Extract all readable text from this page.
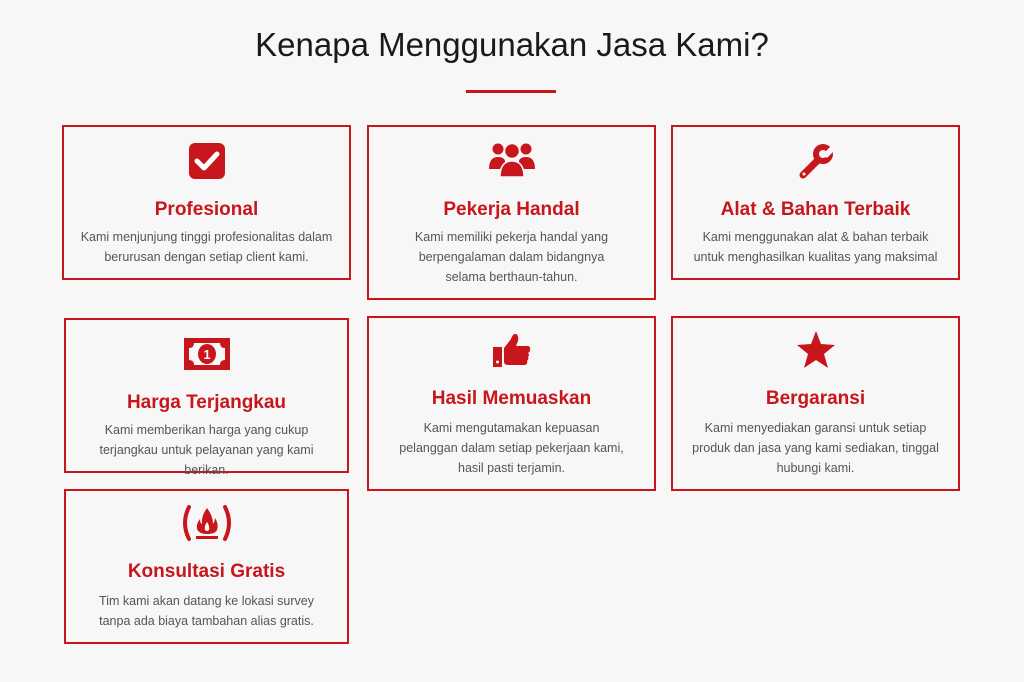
Kenapa Menggunakan Jasa Kami?
Profesional
Kami menjunjung tinggi profesionalitas dalam berurusan dengan setiap client kami.
Pekerja Handal
Kami memiliki pekerja handal yang berpengalaman dalam bidangnya selama berthaun-tahun.
Alat & Bahan Terbaik
Kami menggunakan alat & bahan terbaik untuk menghasilkan kualitas yang maksimal
1
Harga Terjangkau
Kami memberikan harga yang cukup terjangkau untuk pelayanan yang kami berikan.
Hasil Memuaskan
Kami mengutamakan kepuasan pelanggan dalam setiap pekerjaan kami, hasil pasti terjamin.
Bergaransi
Kami menyediakan garansi untuk setiap produk dan jasa yang kami sediakan, tinggal hubungi kami.
Konsultasi Gratis
Tim kami akan datang ke lokasi survey tanpa ada biaya tambahan alias gratis.
